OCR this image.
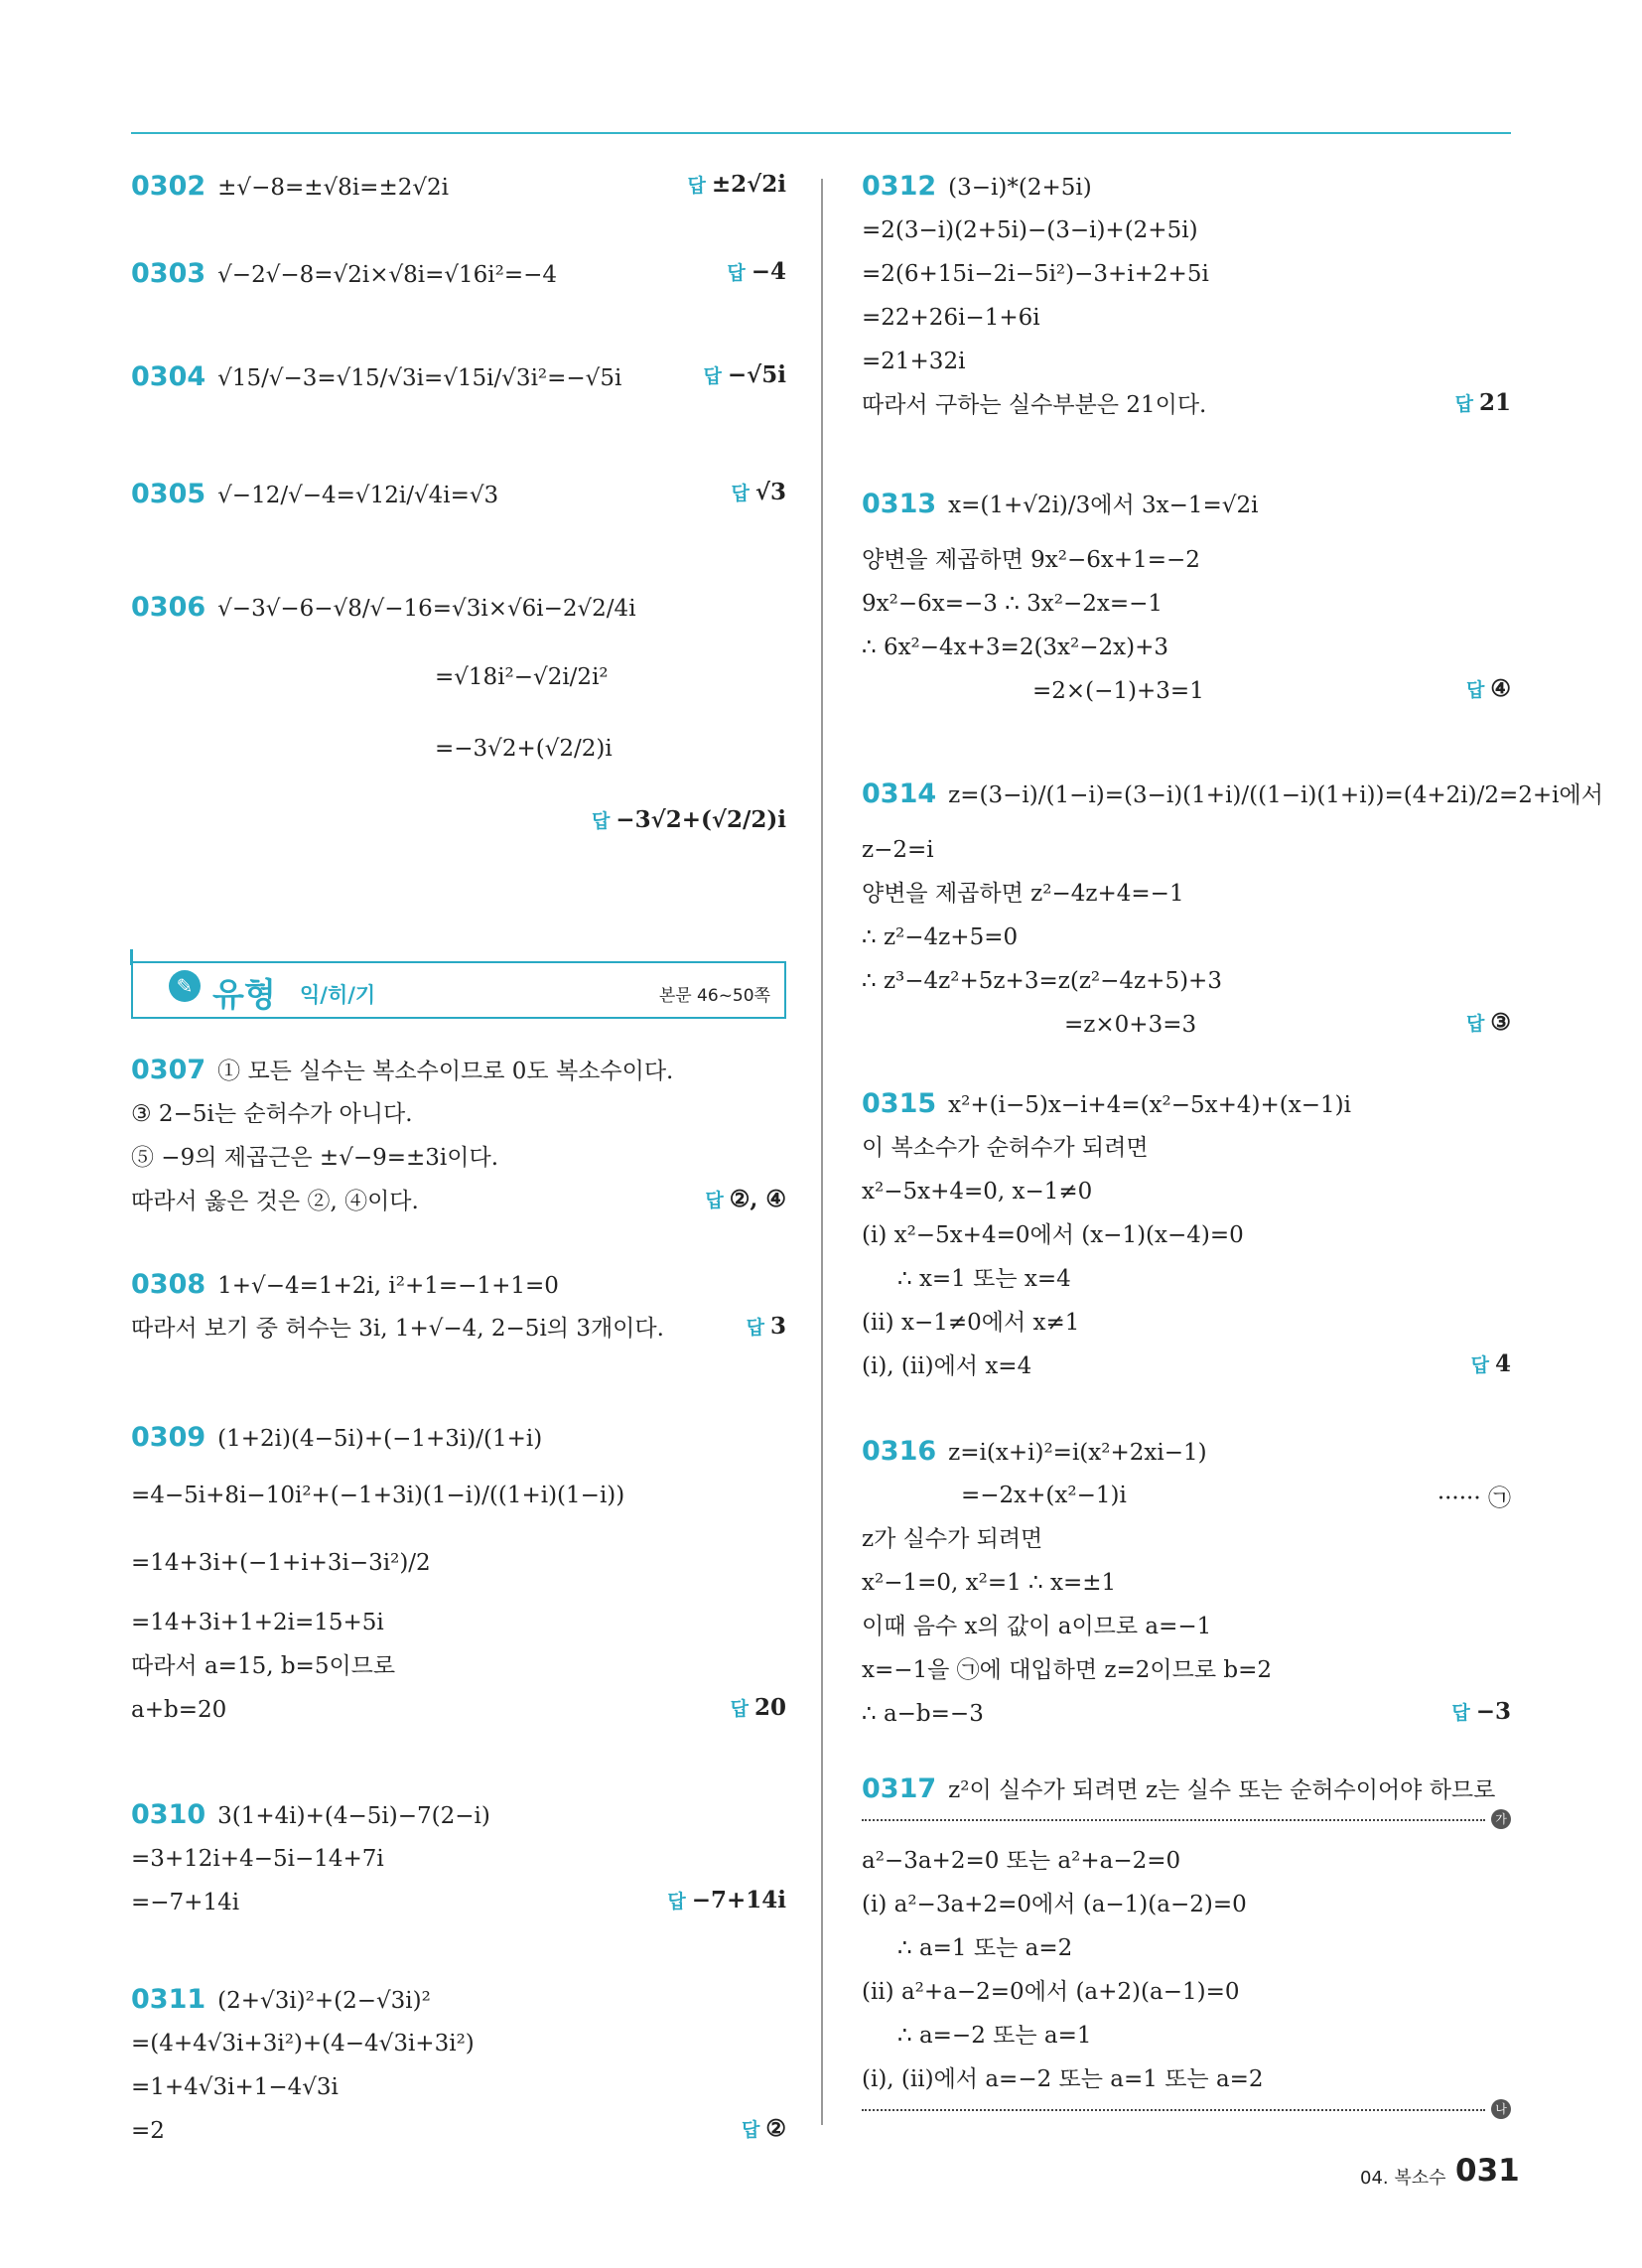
0302 ±√−8=±√8i=±2√2i	답 ±2√2i
0303 √−2√−8=√2i×√8i=√16i²=−4	답 −4
0304 √15/√−3=√15/√3i=√15i/√3i²=−√5i	답 −√5i
0305 √−12/√−4=√12i/√4i=√3	답 √3
0306 √−3√−6−√8/√−16=√3i×√6i−2√2/4i
=√18i²−√2i/2i²
=−3√2+(√2/2)i
답 −3√2+(√2/2)i
✎ 유형 익/히/기	본문 46~50쪽
0307 ① 모든 실수는 복소수이므로 0도 복소수이다.
③ 2−5i는 순허수가 아니다.
⑤ −9의 제곱근은 ±√−9=±3i이다.
따라서 옳은 것은 ②, ④이다.	답 ②, ④
0308 1+√−4=1+2i, i²+1=−1+1=0
따라서 보기 중 허수는 3i, 1+√−4, 2−5i의 3개이다.	답 3
0309 (1+2i)(4−5i)+(−1+3i)/(1+i)
=4−5i+8i−10i²+(−1+3i)(1−i)/((1+i)(1−i))
=14+3i+(−1+i+3i−3i²)/2
=14+3i+1+2i=15+5i
따라서 a=15, b=5이므로
a+b=20	답 20
0310 3(1+4i)+(4−5i)−7(2−i)
=3+12i+4−5i−14+7i
=−7+14i	답 −7+14i
0311 (2+√3i)²+(2−√3i)²
=(4+4√3i+3i²)+(4−4√3i+3i²)
=1+4√3i+1−4√3i
=2	답 ②
0312 (3−i)*(2+5i)
=2(3−i)(2+5i)−(3−i)+(2+5i)
=2(6+15i−2i−5i²)−3+i+2+5i
=22+26i−1+6i
=21+32i
따라서 구하는 실수부분은 21이다.	답 21
0313 x=(1+√2i)/3에서 3x−1=√2i
양변을 제곱하면 9x²−6x+1=−2
9x²−6x=−3 ∴ 3x²−2x=−1
∴ 6x²−4x+3=2(3x²−2x)+3
=2×(−1)+3=1	답 ④
0314 z=(3−i)/(1−i)=(3−i)(1+i)/((1−i)(1+i))=(4+2i)/2=2+i에서
z−2=i
양변을 제곱하면 z²−4z+4=−1
∴ z²−4z+5=0
∴ z³−4z²+5z+3=z(z²−4z+5)+3
=z×0+3=3	답 ③
0315 x²+(i−5)x−i+4=(x²−5x+4)+(x−1)i
이 복소수가 순허수가 되려면
x²−5x+4=0, x−1≠0
(i) x²−5x+4=0에서 (x−1)(x−4)=0
∴ x=1 또는 x=4
(ii) x−1≠0에서 x≠1
(i), (ii)에서 x=4	답 4
0316 z=i(x+i)²=i(x²+2xi−1)
=−2x+(x²−1)i	······ ㉠
z가 실수가 되려면
x²−1=0, x²=1 ∴ x=±1
이때 음수 x의 값이 a이므로 a=−1
x=−1을 ㉠에 대입하면 z=2이므로 b=2
∴ a−b=−3	답 −3
0317 z²이 실수가 되려면 z는 실수 또는 순허수이어야 하므로
가
a²−3a+2=0 또는 a²+a−2=0
(i) a²−3a+2=0에서 (a−1)(a−2)=0
∴ a=1 또는 a=2
(ii) a²+a−2=0에서 (a+2)(a−1)=0
∴ a=−2 또는 a=1
(i), (ii)에서 a=−2 또는 a=1 또는 a=2
나
04. 복소수 031
